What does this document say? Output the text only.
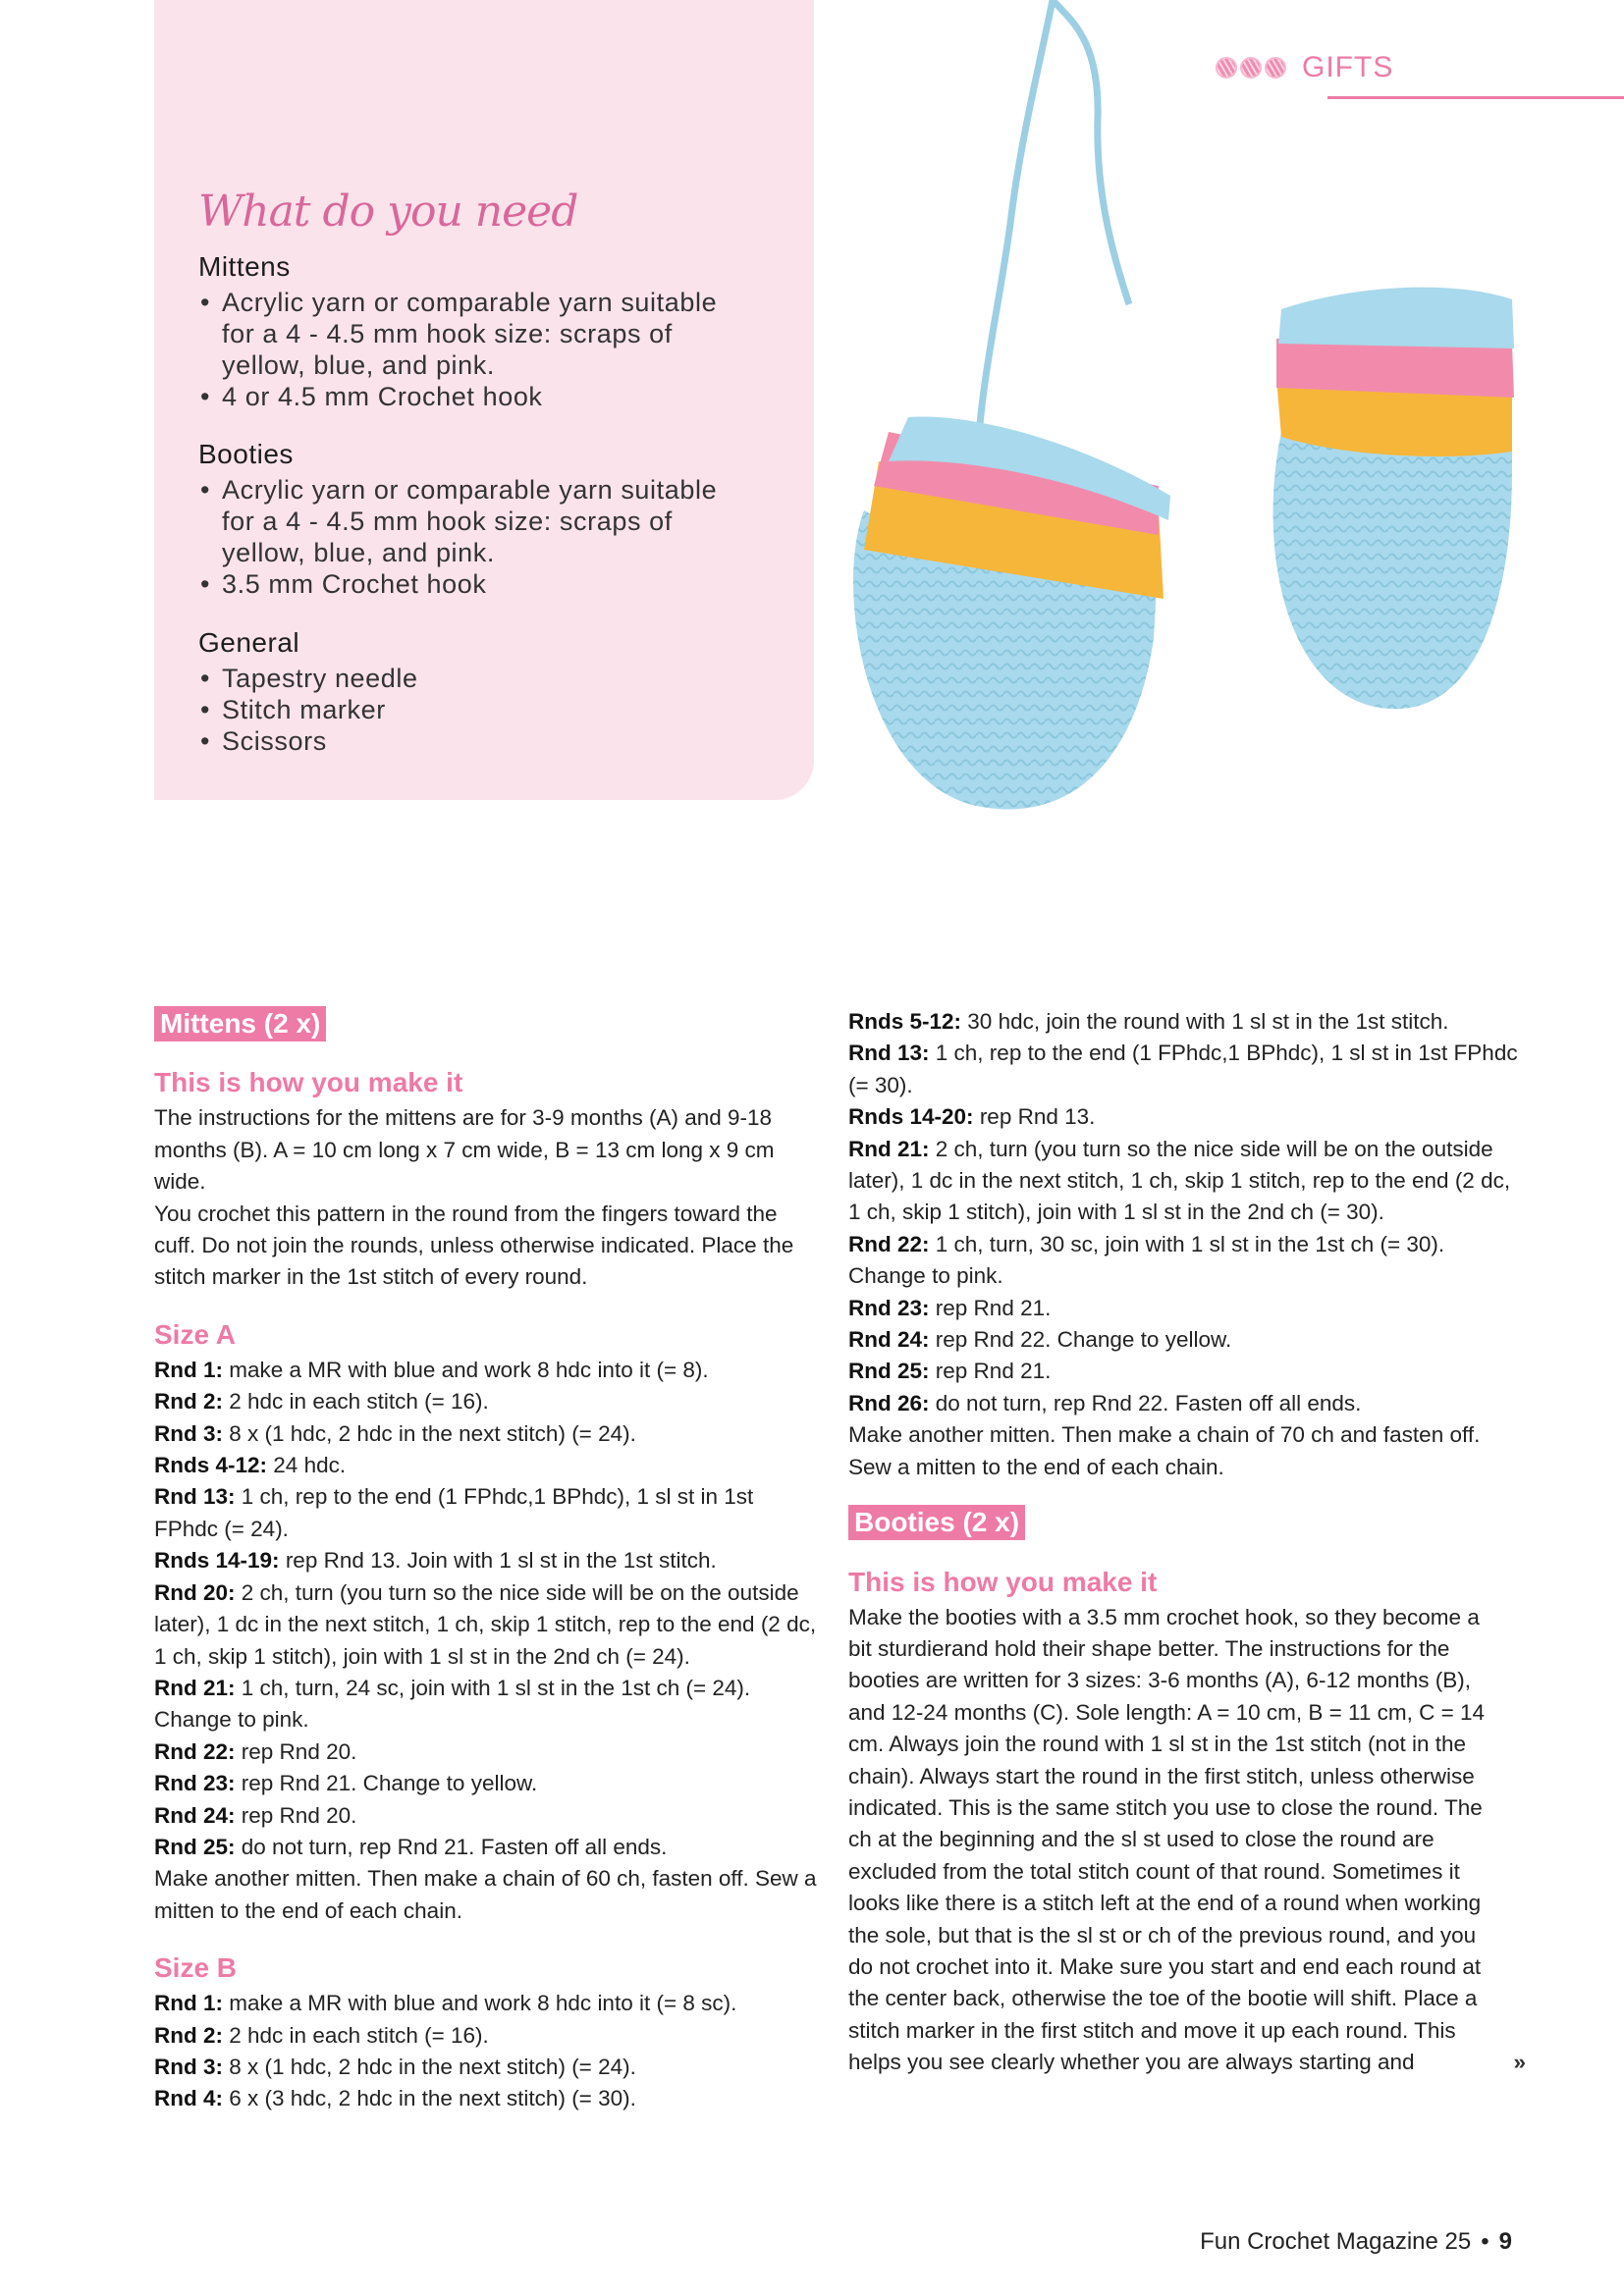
What do you need
Mittens
• Acrylic yarn or comparable yarn suitable for a 4 - 4.5 mm hook size: scraps of yellow, blue, and pink.
• 4 or 4.5 mm Crochet hook
Booties
• Acrylic yarn or comparable yarn suitable for a 4 - 4.5 mm hook size: scraps of yellow, blue, and pink.
• 3.5 mm Crochet hook
General
• Tapestry needle
• Stitch marker
• Scissors
GIFTS
Mittens (2 x)
This is how you make it

The instructions for the mittens are for 3-9 months (A) and 9-18 months (B). A = 10 cm long x 7 cm wide, B = 13 cm long x 9 cm wide.

You crochet this pattern in the round from the fingers toward the cuff. Do not join the rounds, unless otherwise indicated. Place the stitch marker in the 1st stitch of every round.

Size A

Rnd 1: make a MR with blue and work 8 hdc into it (= 8).

Rnd 2: 2 hdc in each stitch (= 16).

Rnd 3: 8 x (1 hdc, 2 hdc in the next stitch) (= 24).

Rnds 4-12: 24 hdc.

Rnd 13: 1 ch, rep to the end (1 FPhdc,1 BPhdc), 1 sl st in 1st FPhdc (= 24).

Rnds 14-19: rep Rnd 13. Join with 1 sl st in the 1st stitch.

Rnd 20: 2 ch, turn (you turn so the nice side will be on the outside later), 1 dc in the next stitch, 1 ch, skip 1 stitch, rep to the end (2 dc, 1 ch, skip 1 stitch), join with 1 sl st in the 2nd ch (= 24).

Rnd 21: 1 ch, turn, 24 sc, join with 1 sl st in the 1st ch (= 24). Change to pink.

Rnd 22: rep Rnd 20.

Rnd 23: rep Rnd 21. Change to yellow.

Rnd 24: rep Rnd 20.

Rnd 25: do not turn, rep Rnd 21. Fasten off all ends.

Make another mitten. Then make a chain of 60 ch, fasten off. Sew a mitten to the end of each chain.

Size B

Rnd 1: make a MR with blue and work 8 hdc into it (= 8 sc).

Rnd 2: 2 hdc in each stitch (= 16).

Rnd 3: 8 x (1 hdc, 2 hdc in the next stitch) (= 24).

Rnd 4: 6 x (3 hdc, 2 hdc in the next stitch) (= 30).

Rnds 5-12: 30 hdc, join the round with 1 sl st in the 1st stitch.

Rnd 13: 1 ch, rep to the end (1 FPhdc,1 BPhdc), 1 sl st in 1st FPhdc (= 30).

Rnds 14-20: rep Rnd 13.

Rnd 21: 2 ch, turn (you turn so the nice side will be on the outside later), 1 dc in the next stitch, 1 ch, skip 1 stitch, rep to the end (2 dc, 1 ch, skip 1 stitch), join with 1 sl st in the 2nd ch (= 30).

Rnd 22: 1 ch, turn, 30 sc, join with 1 sl st in the 1st ch (= 30). Change to pink.

Rnd 23: rep Rnd 21.

Rnd 24: rep Rnd 22. Change to yellow.

Rnd 25: rep Rnd 21.

Rnd 26: do not turn, rep Rnd 22. Fasten off all ends.

Make another mitten. Then make a chain of 70 ch and fasten off. Sew a mitten to the end of each chain.

Booties (2 x)
This is how you make it

Make the booties with a 3.5 mm crochet hook, so they become a bit sturdierand hold their shape better. The instructions for the booties are written for 3 sizes: 3-6 months (A), 6-12 months (B), and 12-24 months (C). Sole length: A = 10 cm, B = 11 cm, C = 14 cm. Always join the round with 1 sl st in the 1st stitch (not in the chain). Always start the round in the first stitch, unless otherwise indicated. This is the same stitch you use to close the round. The ch at the beginning and the sl st used to close the round are excluded from the total stitch count of that round. Sometimes it looks like there is a stitch left at the end of a round when working the sole, but that is the sl st or ch of the previous round, and you do not crochet into it. Make sure you start and end each round at the center back, otherwise the toe of the bootie will shift. Place a stitch marker in the first stitch and move it up each round. This helps you see clearly whether you are always starting and	»
Fun Crochet Magazine 25 • 9
